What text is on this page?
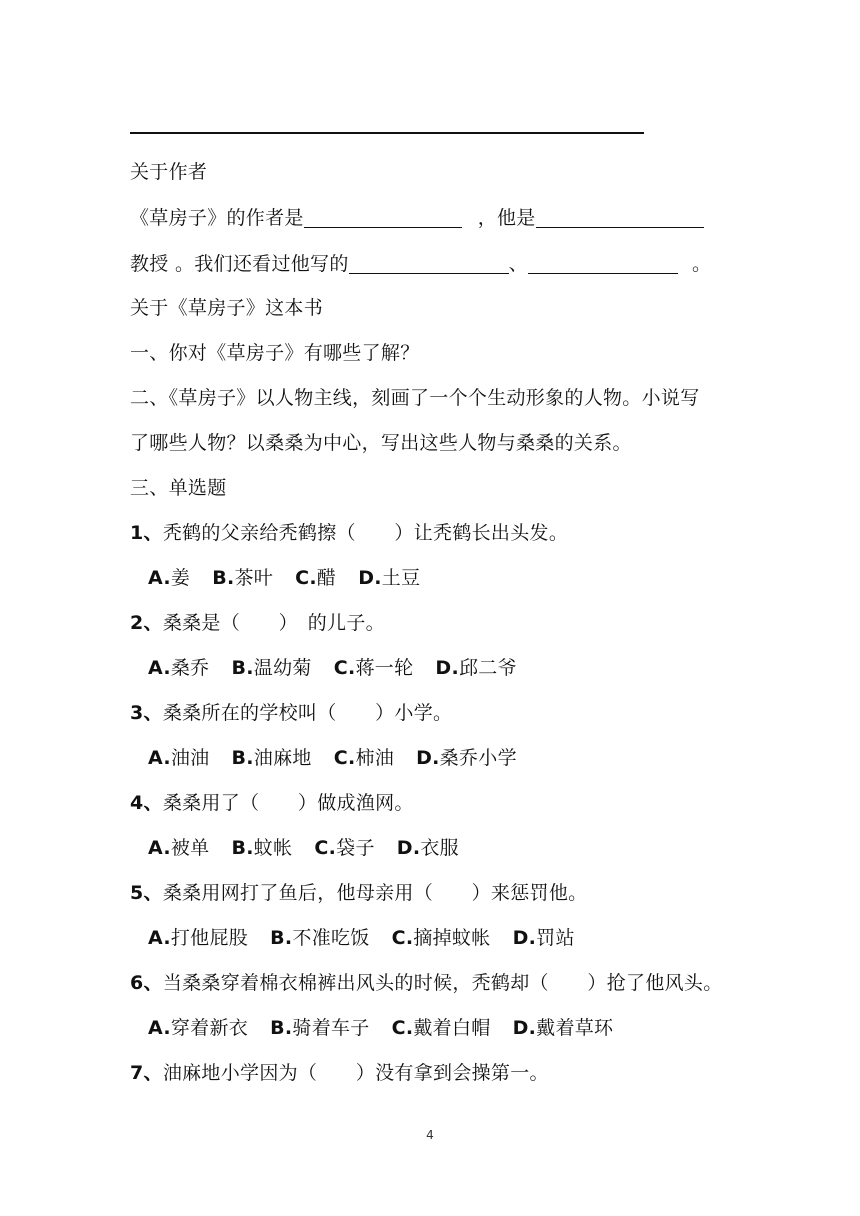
关于作者
《草房子》的作者是	，他是
教授 。我们还看过他写的	、	。
关于《草房子》这本书
一、你对《草房子》有哪些了解？
二、《草房子》以人物主线，刻画了一个个生动形象的人物。小说写
了哪些人物？以桑桑为中心，写出这些人物与桑桑的关系。
三、单选题
1、秃鹤的父亲给秃鹤擦（　　）让秃鹤长出头发。
A.姜 B.茶叶 C.醋 D.土豆
2、桑桑是（　　）　的儿子。
A.桑乔 B.温幼菊 C.蒋一轮 D.邱二爷
3、桑桑所在的学校叫（　　）小学。
A.油油 B.油麻地 C.柿油 D.桑乔小学
4、桑桑用了（　　）做成渔网。
A.被单 B.蚊帐 C.袋子 D.衣服
5、桑桑用网打了鱼后，他母亲用（　　）来惩罚他。
A.打他屁股 B.不准吃饭 C.摘掉蚊帐 D.罚站
6、当桑桑穿着棉衣棉裤出风头的时候，秃鹤却（　　）抢了他风头。
A.穿着新衣 B.骑着车子 C.戴着白帽 D.戴着草环
7、油麻地小学因为（　　）没有拿到会操第一。
4
